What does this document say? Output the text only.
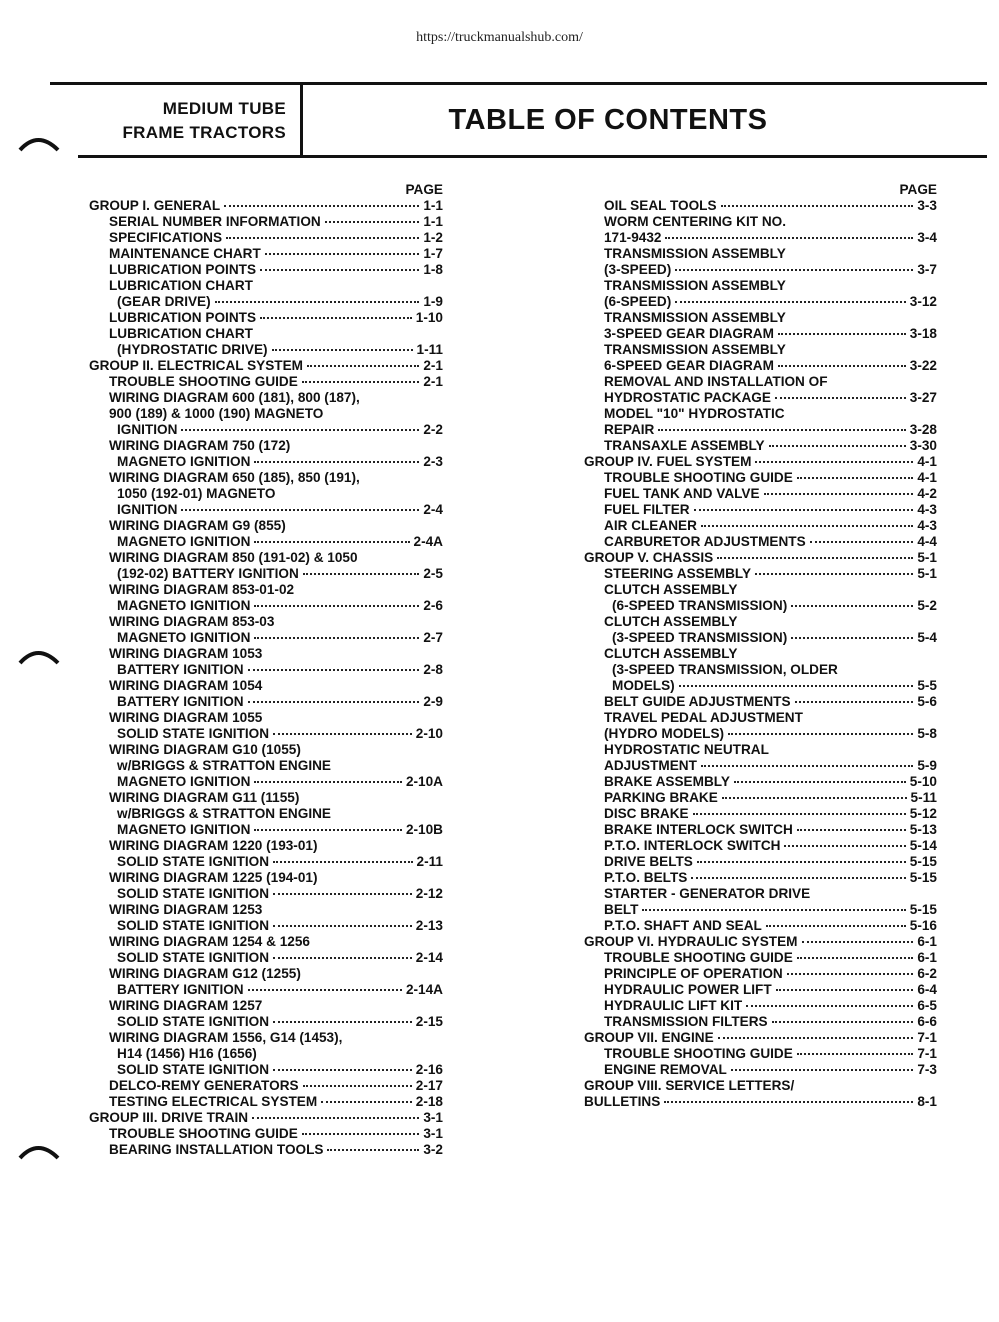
https://truckmanualshub.com/
MEDIUM TUBE
FRAME TRACTORS	TABLE OF CONTENTS
PAGE
GROUP I. GENERAL	1-1
SERIAL NUMBER INFORMATION	1-1
SPECIFICATIONS	1-2
MAINTENANCE CHART	1-7
LUBRICATION POINTS	1-8
LUBRICATION CHART
(GEAR DRIVE)	1-9
LUBRICATION POINTS	1-10
LUBRICATION CHART
(HYDROSTATIC DRIVE)	1-11
GROUP II. ELECTRICAL SYSTEM	2-1
TROUBLE SHOOTING GUIDE	2-1
WIRING DIAGRAM 600 (181), 800 (187),
900 (189) & 1000 (190) MAGNETO
IGNITION	2-2
WIRING DIAGRAM 750 (172)
MAGNETO IGNITION	2-3
WIRING DIAGRAM 650 (185), 850 (191),
1050 (192-01) MAGNETO
IGNITION	2-4
WIRING DIAGRAM G9 (855)
MAGNETO IGNITION	2-4A
WIRING DIAGRAM 850 (191-02) & 1050
(192-02) BATTERY IGNITION	2-5
WIRING DIAGRAM 853-01-02
MAGNETO IGNITION	2-6
WIRING DIAGRAM 853-03
MAGNETO IGNITION	2-7
WIRING DIAGRAM 1053
BATTERY IGNITION	2-8
WIRING DIAGRAM 1054
BATTERY IGNITION	2-9
WIRING DIAGRAM 1055
SOLID STATE IGNITION	2-10
WIRING DIAGRAM G10 (1055)
w/BRIGGS & STRATTON ENGINE
MAGNETO IGNITION	2-10A
WIRING DIAGRAM G11 (1155)
w/BRIGGS & STRATTON ENGINE
MAGNETO IGNITION	2-10B
WIRING DIAGRAM 1220 (193-01)
SOLID STATE IGNITION	2-11
WIRING DIAGRAM 1225 (194-01)
SOLID STATE IGNITION	2-12
WIRING DIAGRAM 1253
SOLID STATE IGNITION	2-13
WIRING DIAGRAM 1254 & 1256
SOLID STATE IGNITION	2-14
WIRING DIAGRAM G12 (1255)
BATTERY IGNITION	2-14A
WIRING DIAGRAM 1257
SOLID STATE IGNITION	2-15
WIRING DIAGRAM 1556, G14 (1453),
H14 (1456) H16 (1656)
SOLID STATE IGNITION	2-16
DELCO-REMY GENERATORS	2-17
TESTING ELECTRICAL SYSTEM	2-18
GROUP III. DRIVE TRAIN	3-1
TROUBLE SHOOTING GUIDE	3-1
BEARING INSTALLATION TOOLS	3-2
PAGE
OIL SEAL TOOLS	3-3
WORM CENTERING KIT NO.
171-9432	3-4
TRANSMISSION ASSEMBLY
(3-SPEED)	3-7
TRANSMISSION ASSEMBLY
(6-SPEED)	3-12
TRANSMISSION ASSEMBLY
3-SPEED GEAR DIAGRAM	3-18
TRANSMISSION ASSEMBLY
6-SPEED GEAR DIAGRAM	3-22
REMOVAL AND INSTALLATION OF
HYDROSTATIC PACKAGE	3-27
MODEL "10" HYDROSTATIC
REPAIR	3-28
TRANSAXLE ASSEMBLY	3-30
GROUP IV. FUEL SYSTEM	4-1
TROUBLE SHOOTING GUIDE	4-1
FUEL TANK AND VALVE	4-2
FUEL FILTER	4-3
AIR CLEANER	4-3
CARBURETOR ADJUSTMENTS	4-4
GROUP V. CHASSIS	5-1
STEERING ASSEMBLY	5-1
CLUTCH ASSEMBLY
(6-SPEED TRANSMISSION)	5-2
CLUTCH ASSEMBLY
(3-SPEED TRANSMISSION)	5-4
CLUTCH ASSEMBLY
(3-SPEED TRANSMISSION, OLDER
MODELS)	5-5
BELT GUIDE ADJUSTMENTS	5-6
TRAVEL PEDAL ADJUSTMENT
(HYDRO MODELS)	5-8
HYDROSTATIC NEUTRAL
ADJUSTMENT	5-9
BRAKE ASSEMBLY	5-10
PARKING BRAKE	5-11
DISC BRAKE	5-12
BRAKE INTERLOCK SWITCH	5-13
P.T.O. INTERLOCK SWITCH	5-14
DRIVE BELTS	5-15
P.T.O. BELTS	5-15
STARTER - GENERATOR DRIVE
BELT	5-15
P.T.O. SHAFT AND SEAL	5-16
GROUP VI. HYDRAULIC SYSTEM	6-1
TROUBLE SHOOTING GUIDE	6-1
PRINCIPLE OF OPERATION	6-2
HYDRAULIC POWER LIFT	6-4
HYDRAULIC LIFT KIT	6-5
TRANSMISSION FILTERS	6-6
GROUP VII. ENGINE	7-1
TROUBLE SHOOTING GUIDE	7-1
ENGINE REMOVAL	7-3
GROUP VIII. SERVICE LETTERS/
BULLETINS	8-1
